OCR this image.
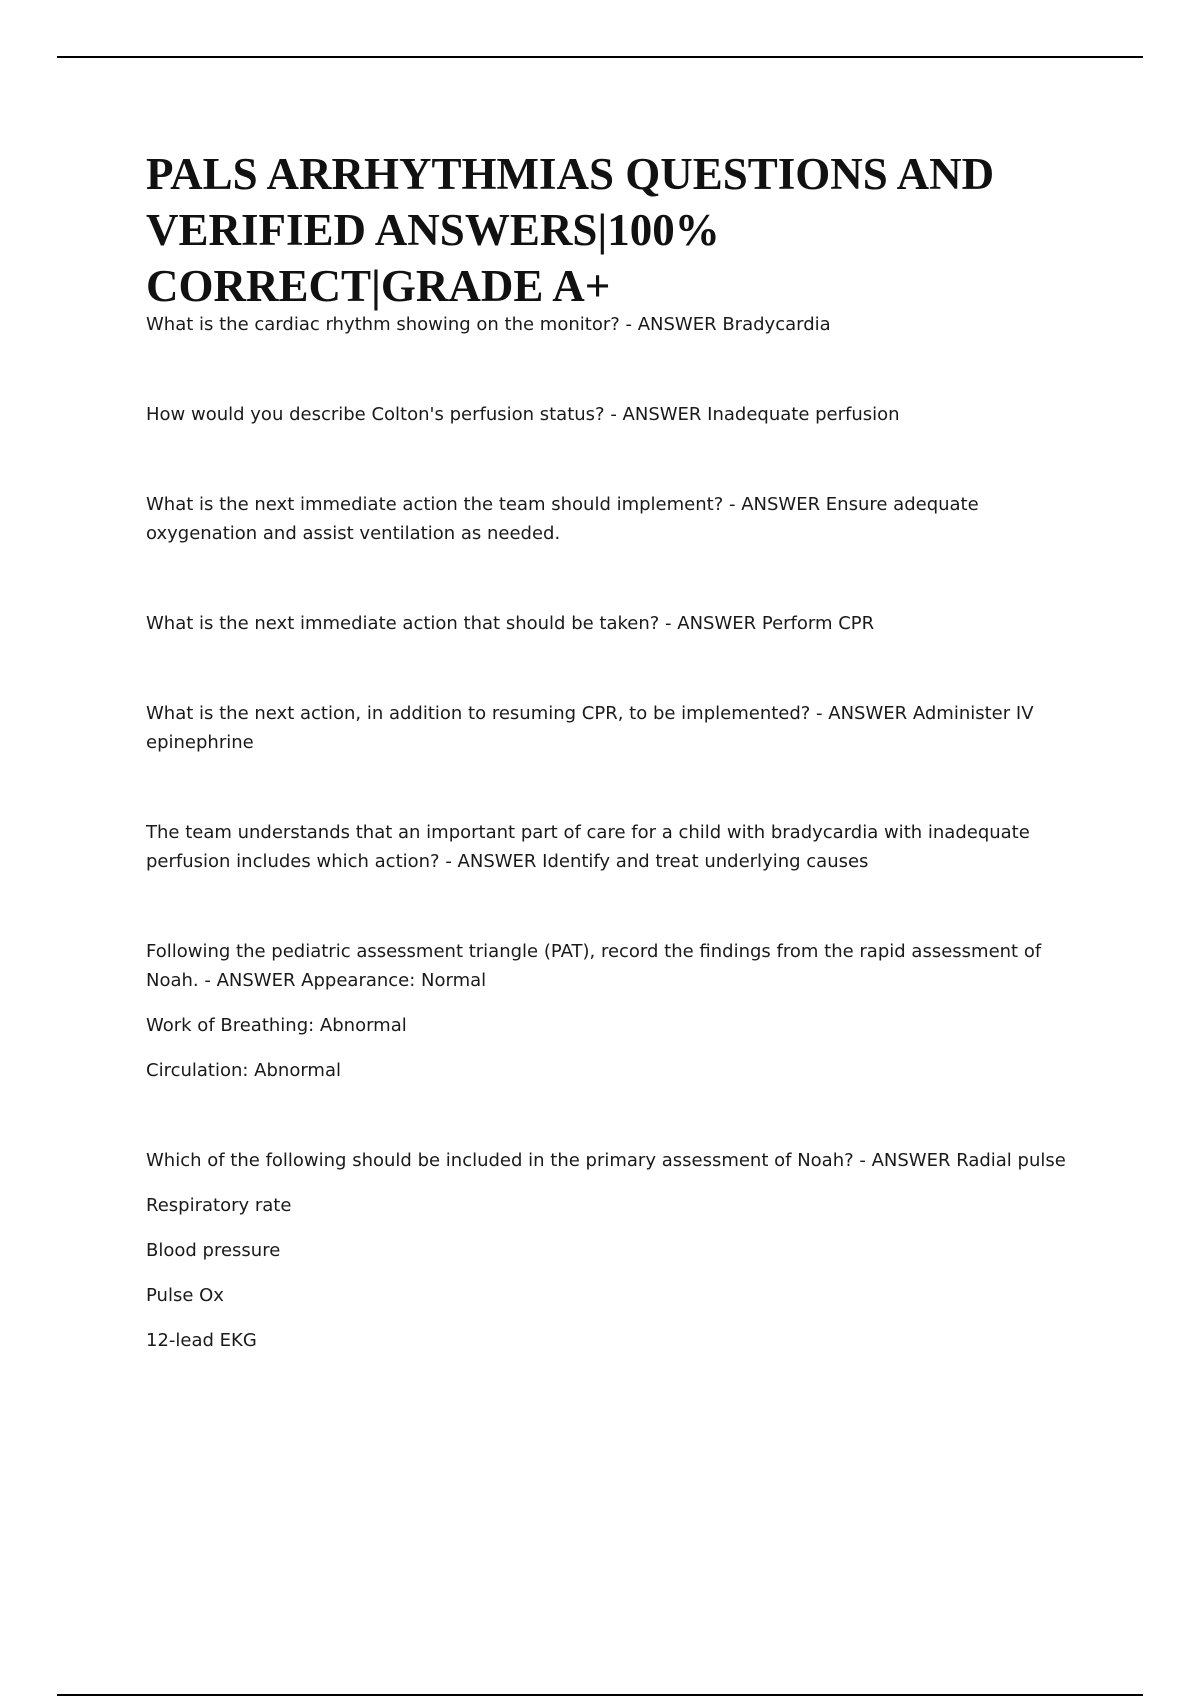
PALS ARRHYTHMIAS QUESTIONS AND
VERIFIED ANSWERS|100%
CORRECT|GRADE A+

What is the cardiac rhythm showing on the monitor? - ANSWER Bradycardia

How would you describe Colton's perfusion status? - ANSWER Inadequate perfusion

What is the next immediate action the team should implement? - ANSWER Ensure adequate
oxygenation and assist ventilation as needed.

What is the next immediate action that should be taken? - ANSWER Perform CPR

What is the next action, in addition to resuming CPR, to be implemented? - ANSWER Administer IV
epinephrine

The team understands that an important part of care for a child with bradycardia with inadequate
perfusion includes which action? - ANSWER Identify and treat underlying causes

Following the pediatric assessment triangle (PAT), record the findings from the rapid assessment of
Noah. - ANSWER Appearance: Normal

Work of Breathing: Abnormal

Circulation: Abnormal

Which of the following should be included in the primary assessment of Noah? - ANSWER Radial pulse

Respiratory rate

Blood pressure

Pulse Ox

12-lead EKG
